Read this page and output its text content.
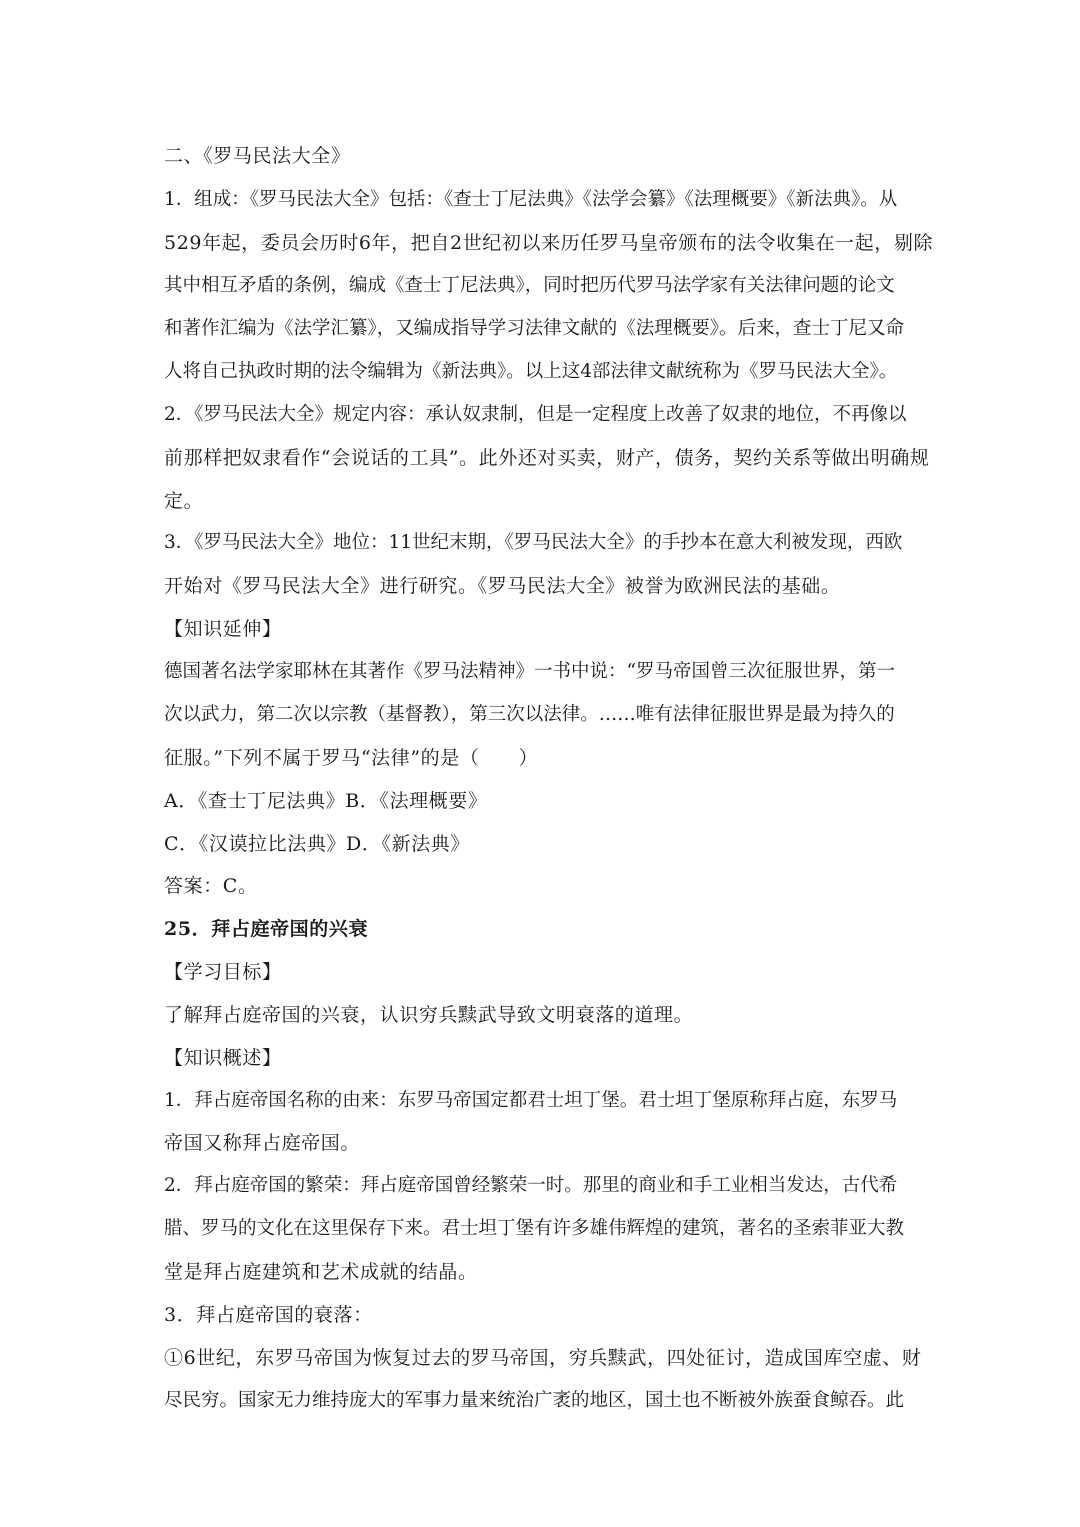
二、《罗马民法大全》
1．组成：《罗马民法大全》包括：《查士丁尼法典》《法学会纂》《法理概要》《新法典》。从
529年起，委员会历时6年，把自2世纪初以来历任罗马皇帝颁布的法令收集在一起，剔除
其中相互矛盾的条例，编成《查士丁尼法典》，同时把历代罗马法学家有关法律问题的论文
和著作汇编为《法学汇纂》，又编成指导学习法律文献的《法理概要》。后来，查士丁尼又命
人将自己执政时期的法令编辑为《新法典》。以上这4部法律文献统称为《罗马民法大全》。
2．《罗马民法大全》规定内容：承认奴隶制，但是一定程度上改善了奴隶的地位，不再像以
前那样把奴隶看作“会说话的工具”。此外还对买卖，财产，债务，契约关系等做出明确规
定。
3．《罗马民法大全》地位：11世纪末期，《罗马民法大全》的手抄本在意大利被发现，西欧
开始对《罗马民法大全》进行研究。《罗马民法大全》被誉为欧洲民法的基础。
【知识延伸】
德国著名法学家耶林在其著作《罗马法精神》一书中说：“罗马帝国曾三次征服世界，第一
次以武力，第二次以宗教（基督教），第三次以法律。……唯有法律征服世界是最为持久的
征服。”下列不属于罗马“法律”的是（　　）
A．《查士丁尼法典》B．《法理概要》
C．《汉谟拉比法典》D．《新法典》
答案：C。
25．拜占庭帝国的兴衰
【学习目标】
了解拜占庭帝国的兴衰，认识穷兵黩武导致文明衰落的道理。
【知识概述】
1．拜占庭帝国名称的由来：东罗马帝国定都君士坦丁堡。君士坦丁堡原称拜占庭，东罗马
帝国又称拜占庭帝国。
2．拜占庭帝国的繁荣：拜占庭帝国曾经繁荣一时。那里的商业和手工业相当发达，古代希
腊、罗马的文化在这里保存下来。君士坦丁堡有许多雄伟辉煌的建筑，著名的圣索菲亚大教
堂是拜占庭建筑和艺术成就的结晶。
3．拜占庭帝国的衰落：
①6世纪，东罗马帝国为恢复过去的罗马帝国，穷兵黩武，四处征讨，造成国库空虚、财
尽民穷。国家无力维持庞大的军事力量来统治广袤的地区，国土也不断被外族蚕食鲸吞。此
